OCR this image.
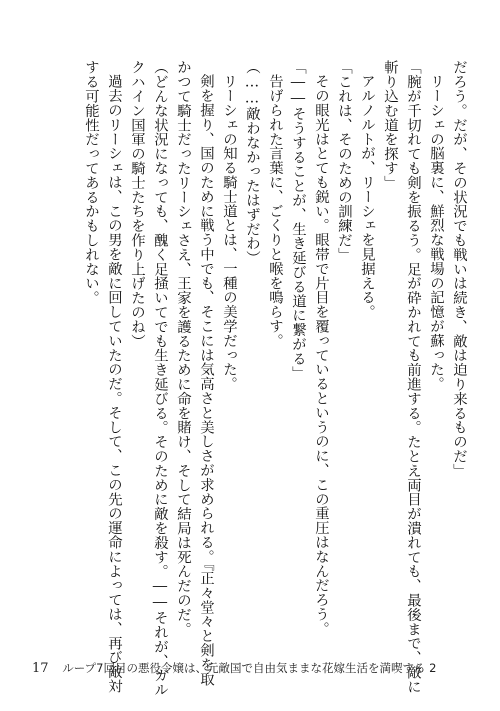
だろう。だが、その状況でも戦いは続き、敵は迫り来るものだ」

リーシェの脳裏に、鮮烈な戦場の記憶が蘇った。

「腕が千切れても剣を振るう。足が砕かれても前進する。たとえ両目が潰れても、最後まで、敵に

斬り込む道を探す」

アルノルトが、リーシェを見据える。

「これは、そのための訓練だ」

その眼光はとても鋭い。眼帯で片目を覆っているというのに、この重圧はなんだろう。

「――そうすることが、生き延びる道に繋がる」

告げられた言葉に、ごくりと喉を鳴らす。

（……敵わなかったはずだわ）

リーシェの知る騎士道とは、一種の美学だった。

剣を握り、国のために戦う中でも、そこには気高さと美しさが求められる。『正々堂々と剣を取

かつて騎士だったリーシェさえ、王家を護るために命を賭け、そして結局は死んだのだ。

（どんな状況になっても、醜く足掻いてでも生き延びる。そのために敵を殺す。――それが、ガル

クハイン国軍の騎士たちを作り上げたのね）

過去のリーシェは、この男を敵に回していたのだ。そして、この先の運命によっては、再び敵対

する可能性だってあるかもしれない。

17 ループ7回目の悪役令嬢は、元敵国で自由気ままな花嫁生活を満喫する 2
